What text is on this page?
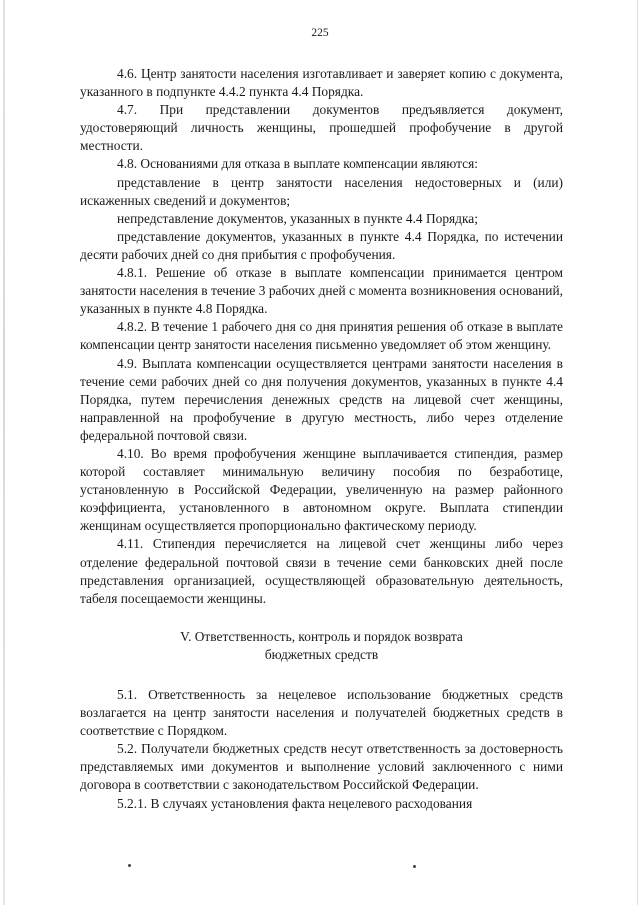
225

4.6. Центр занятости населения изготавливает и заверяет копию с документа, указанного в подпункте 4.4.2 пункта 4.4 Порядка.

4.7. При представлении документов предъявляется документ, удостоверяющий личность женщины, прошедшей профобучение в другой местности.

4.8. Основаниями для отказа в выплате компенсации являются:

представление в центр занятости населения недостоверных и (или) искаженных сведений и документов;

непредставление документов, указанных в пункте 4.4 Порядка;

представление документов, указанных в пункте 4.4 Порядка, по истечении десяти рабочих дней со дня прибытия с профобучения.

4.8.1. Решение об отказе в выплате компенсации принимается центром занятости населения в течение 3 рабочих дней с момента возникновения оснований, указанных в пункте 4.8 Порядка.

4.8.2. В течение 1 рабочего дня со дня принятия решения об отказе в выплате компенсации центр занятости населения письменно уведомляет об этом женщину.

4.9. Выплата компенсации осуществляется центрами занятости населения в течение семи рабочих дней со дня получения документов, указанных в пункте 4.4 Порядка, путем перечисления денежных средств на лицевой счет женщины, направленной на профобучение в другую местность, либо через отделение федеральной почтовой связи.

4.10. Во время профобучения женщине выплачивается стипендия, размер которой составляет минимальную величину пособия по безработице, установленную в Российской Федерации, увеличенную на размер районного коэффициента, установленного в автономном округе. Выплата стипендии женщинам осуществляется пропорционально фактическому периоду.

4.11. Стипендия перечисляется на лицевой счет женщины либо через отделение федеральной почтовой связи в течение семи банковских дней после представления организацией, осуществляющей образовательную деятельность, табеля посещаемости женщины.

V. Ответственность, контроль и порядок возврата
бюджетных средств

5.1. Ответственность за нецелевое использование бюджетных средств возлагается на центр занятости населения и получателей бюджетных средств в соответствие с Порядком.

5.2. Получатели бюджетных средств несут ответственность за достоверность представляемых ими документов и выполнение условий заключенного с ними договора в соответствии с законодательством Российской Федерации.

5.2.1. В случаях установления факта нецелевого расходования
